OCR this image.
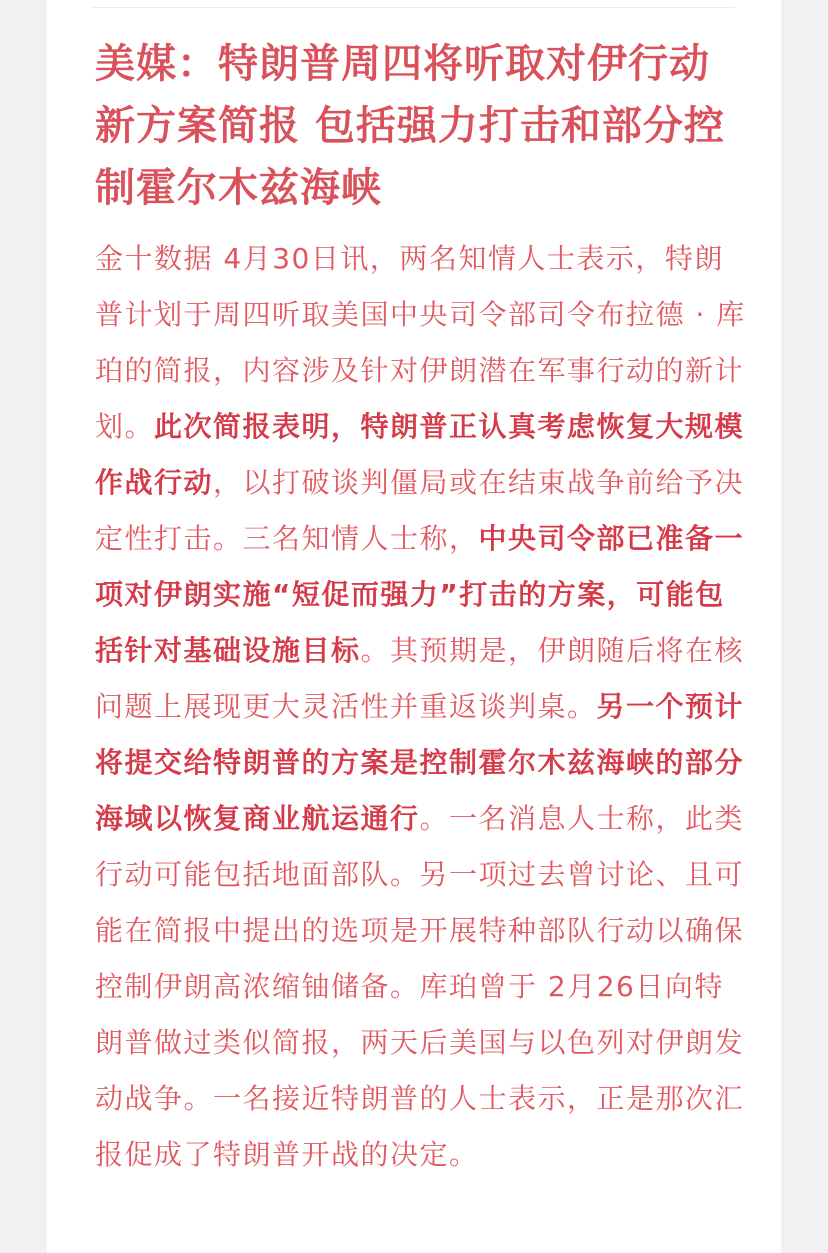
美媒：特朗普周四将听取对伊行动新方案简报 包括强力打击和部分控制霍尔木兹海峡

金十数据 4月30日讯，两名知情人士表示，特朗普计划于周四听取美国中央司令部司令布拉德 · 库珀的简报，内容涉及针对伊朗潜在军事行动的新计划。此次简报表明，特朗普正认真考虑恢复大规模作战行动，以打破谈判僵局或在结束战争前给予决定性打击。三名知情人士称，中央司令部已准备一项对伊朗实施“短促而强力”打击的方案，可能包括针对基础设施目标。其预期是，伊朗随后将在核问题上展现更大灵活性并重返谈判桌。另一个预计将提交给特朗普的方案是控制霍尔木兹海峡的部分海域以恢复商业航运通行。一名消息人士称，此类行动可能包括地面部队。另一项过去曾讨论、且可能在简报中提出的选项是开展特种部队行动以确保控制伊朗高浓缩铀储备。库珀曾于 2月26日向特朗普做过类似简报，两天后美国与以色列对伊朗发动战争。一名接近特朗普的人士表示，正是那次汇报促成了特朗普开战的决定。
